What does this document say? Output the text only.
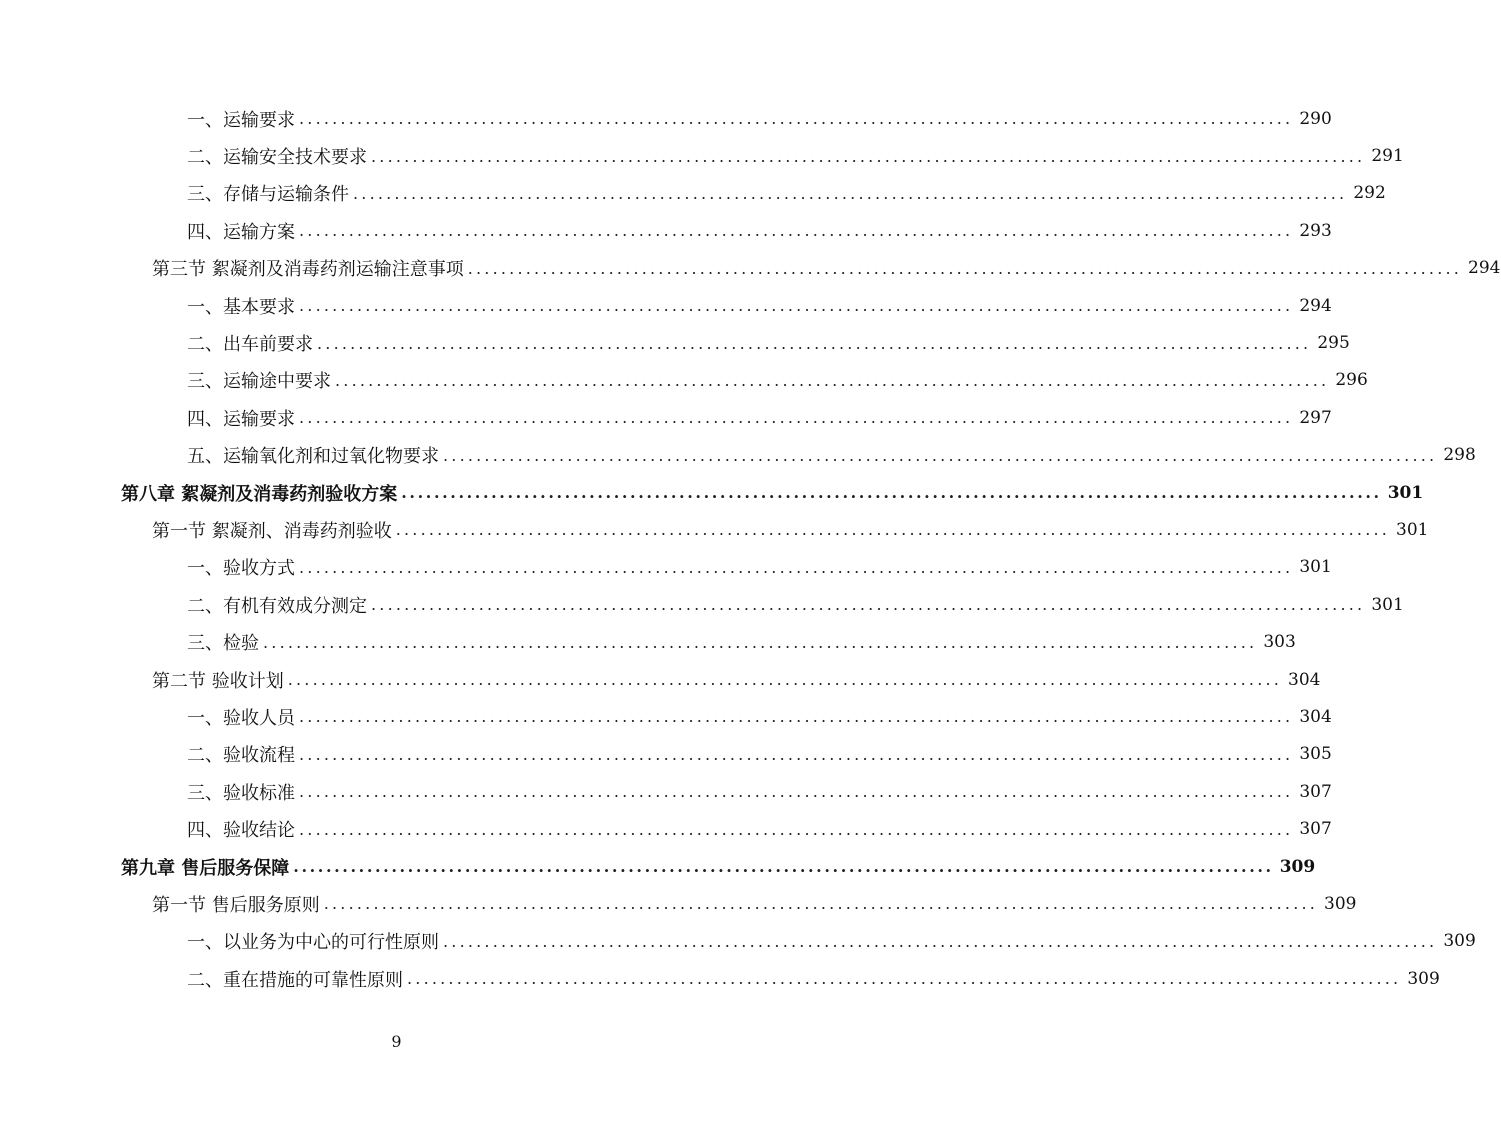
一、运输要求 ........................................................................................................................ 290
二、运输安全技术要求 ........................................................................................................................ 291
三、存储与运输条件 ........................................................................................................................ 292
四、运输方案 ........................................................................................................................ 293
第三节 絮凝剂及消毒药剂运输注意事项 ........................................................................................................................ 294
一、基本要求 ........................................................................................................................ 294
二、出车前要求 ........................................................................................................................ 295
三、运输途中要求 ........................................................................................................................ 296
四、运输要求 ........................................................................................................................ 297
五、运输氧化剂和过氧化物要求 ........................................................................................................................ 298
第八章 絮凝剂及消毒药剂验收方案 ........................................................................................................................ 301
第一节 絮凝剂、消毒药剂验收 ........................................................................................................................ 301
一、验收方式 ........................................................................................................................ 301
二、有机有效成分测定 ........................................................................................................................ 301
三、检验 ........................................................................................................................ 303
第二节 验收计划 ........................................................................................................................ 304
一、验收人员 ........................................................................................................................ 304
二、验收流程 ........................................................................................................................ 305
三、验收标准 ........................................................................................................................ 307
四、验收结论 ........................................................................................................................ 307
第九章 售后服务保障 ........................................................................................................................ 309
第一节 售后服务原则 ........................................................................................................................ 309
一、以业务为中心的可行性原则 ........................................................................................................................ 309
二、重在措施的可靠性原则 ........................................................................................................................ 309
9
